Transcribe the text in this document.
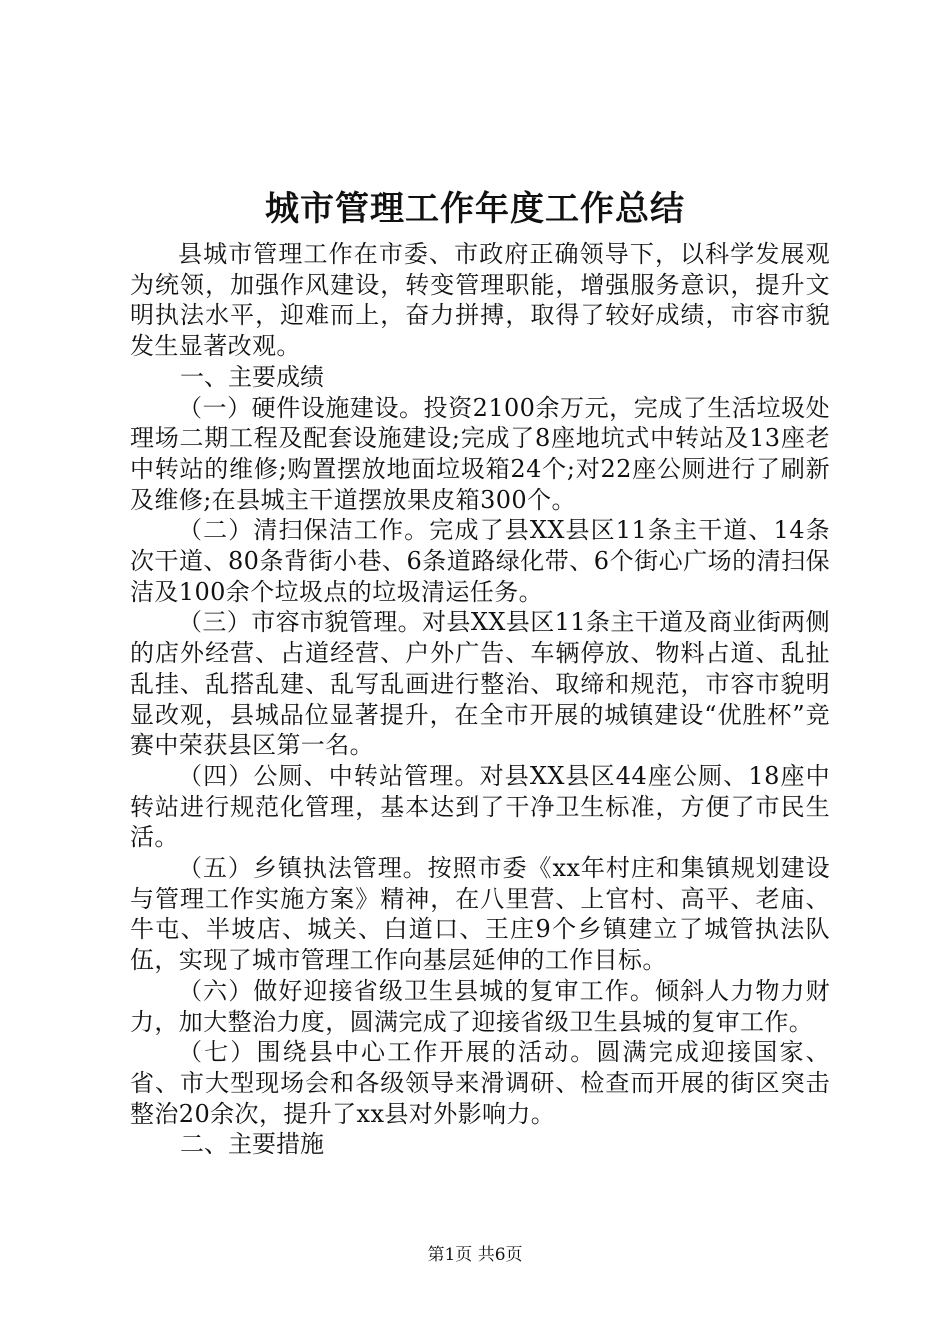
城市管理工作年度工作总结

县城市管理工作在市委、市政府正确领导下，以科学发展观为统领，加强作风建设，转变管理职能，增强服务意识，提升文明执法水平，迎难而上，奋力拼搏，取得了较好成绩，市容市貌发生显著改观。

一、主要成绩

（一）硬件设施建设。投资2100余万元，完成了生活垃圾处理场二期工程及配套设施建设;完成了8座地坑式中转站及13座老中转站的维修;购置摆放地面垃圾箱24个;对22座公厕进行了刷新及维修;在县城主干道摆放果皮箱300个。

（二）清扫保洁工作。完成了县XX县区11条主干道、14条次干道、80条背街小巷、6条道路绿化带、6个街心广场的清扫保洁及100余个垃圾点的垃圾清运任务。

（三）市容市貌管理。对县XX县区11条主干道及商业街两侧的店外经营、占道经营、户外广告、车辆停放、物料占道、乱扯乱挂、乱搭乱建、乱写乱画进行整治、取缔和规范，市容市貌明显改观，县城品位显著提升，在全市开展的城镇建设“优胜杯”竞赛中荣获县区第一名。

（四）公厕、中转站管理。对县XX县区44座公厕、18座中转站进行规范化管理，基本达到了干净卫生标准，方便了市民生活。

（五）乡镇执法管理。按照市委《xx年村庄和集镇规划建设与管理工作实施方案》精神，在八里营、上官村、高平、老庙、牛屯、半坡店、城关、白道口、王庄9个乡镇建立了城管执法队伍，实现了城市管理工作向基层延伸的工作目标。

（六）做好迎接省级卫生县城的复审工作。倾斜人力物力财力，加大整治力度，圆满完成了迎接省级卫生县城的复审工作。

（七）围绕县中心工作开展的活动。圆满完成迎接国家、省、市大型现场会和各级领导来滑调研、检查而开展的街区突击整治20余次，提升了xx县对外影响力。

二、主要措施

第1页 共6页
